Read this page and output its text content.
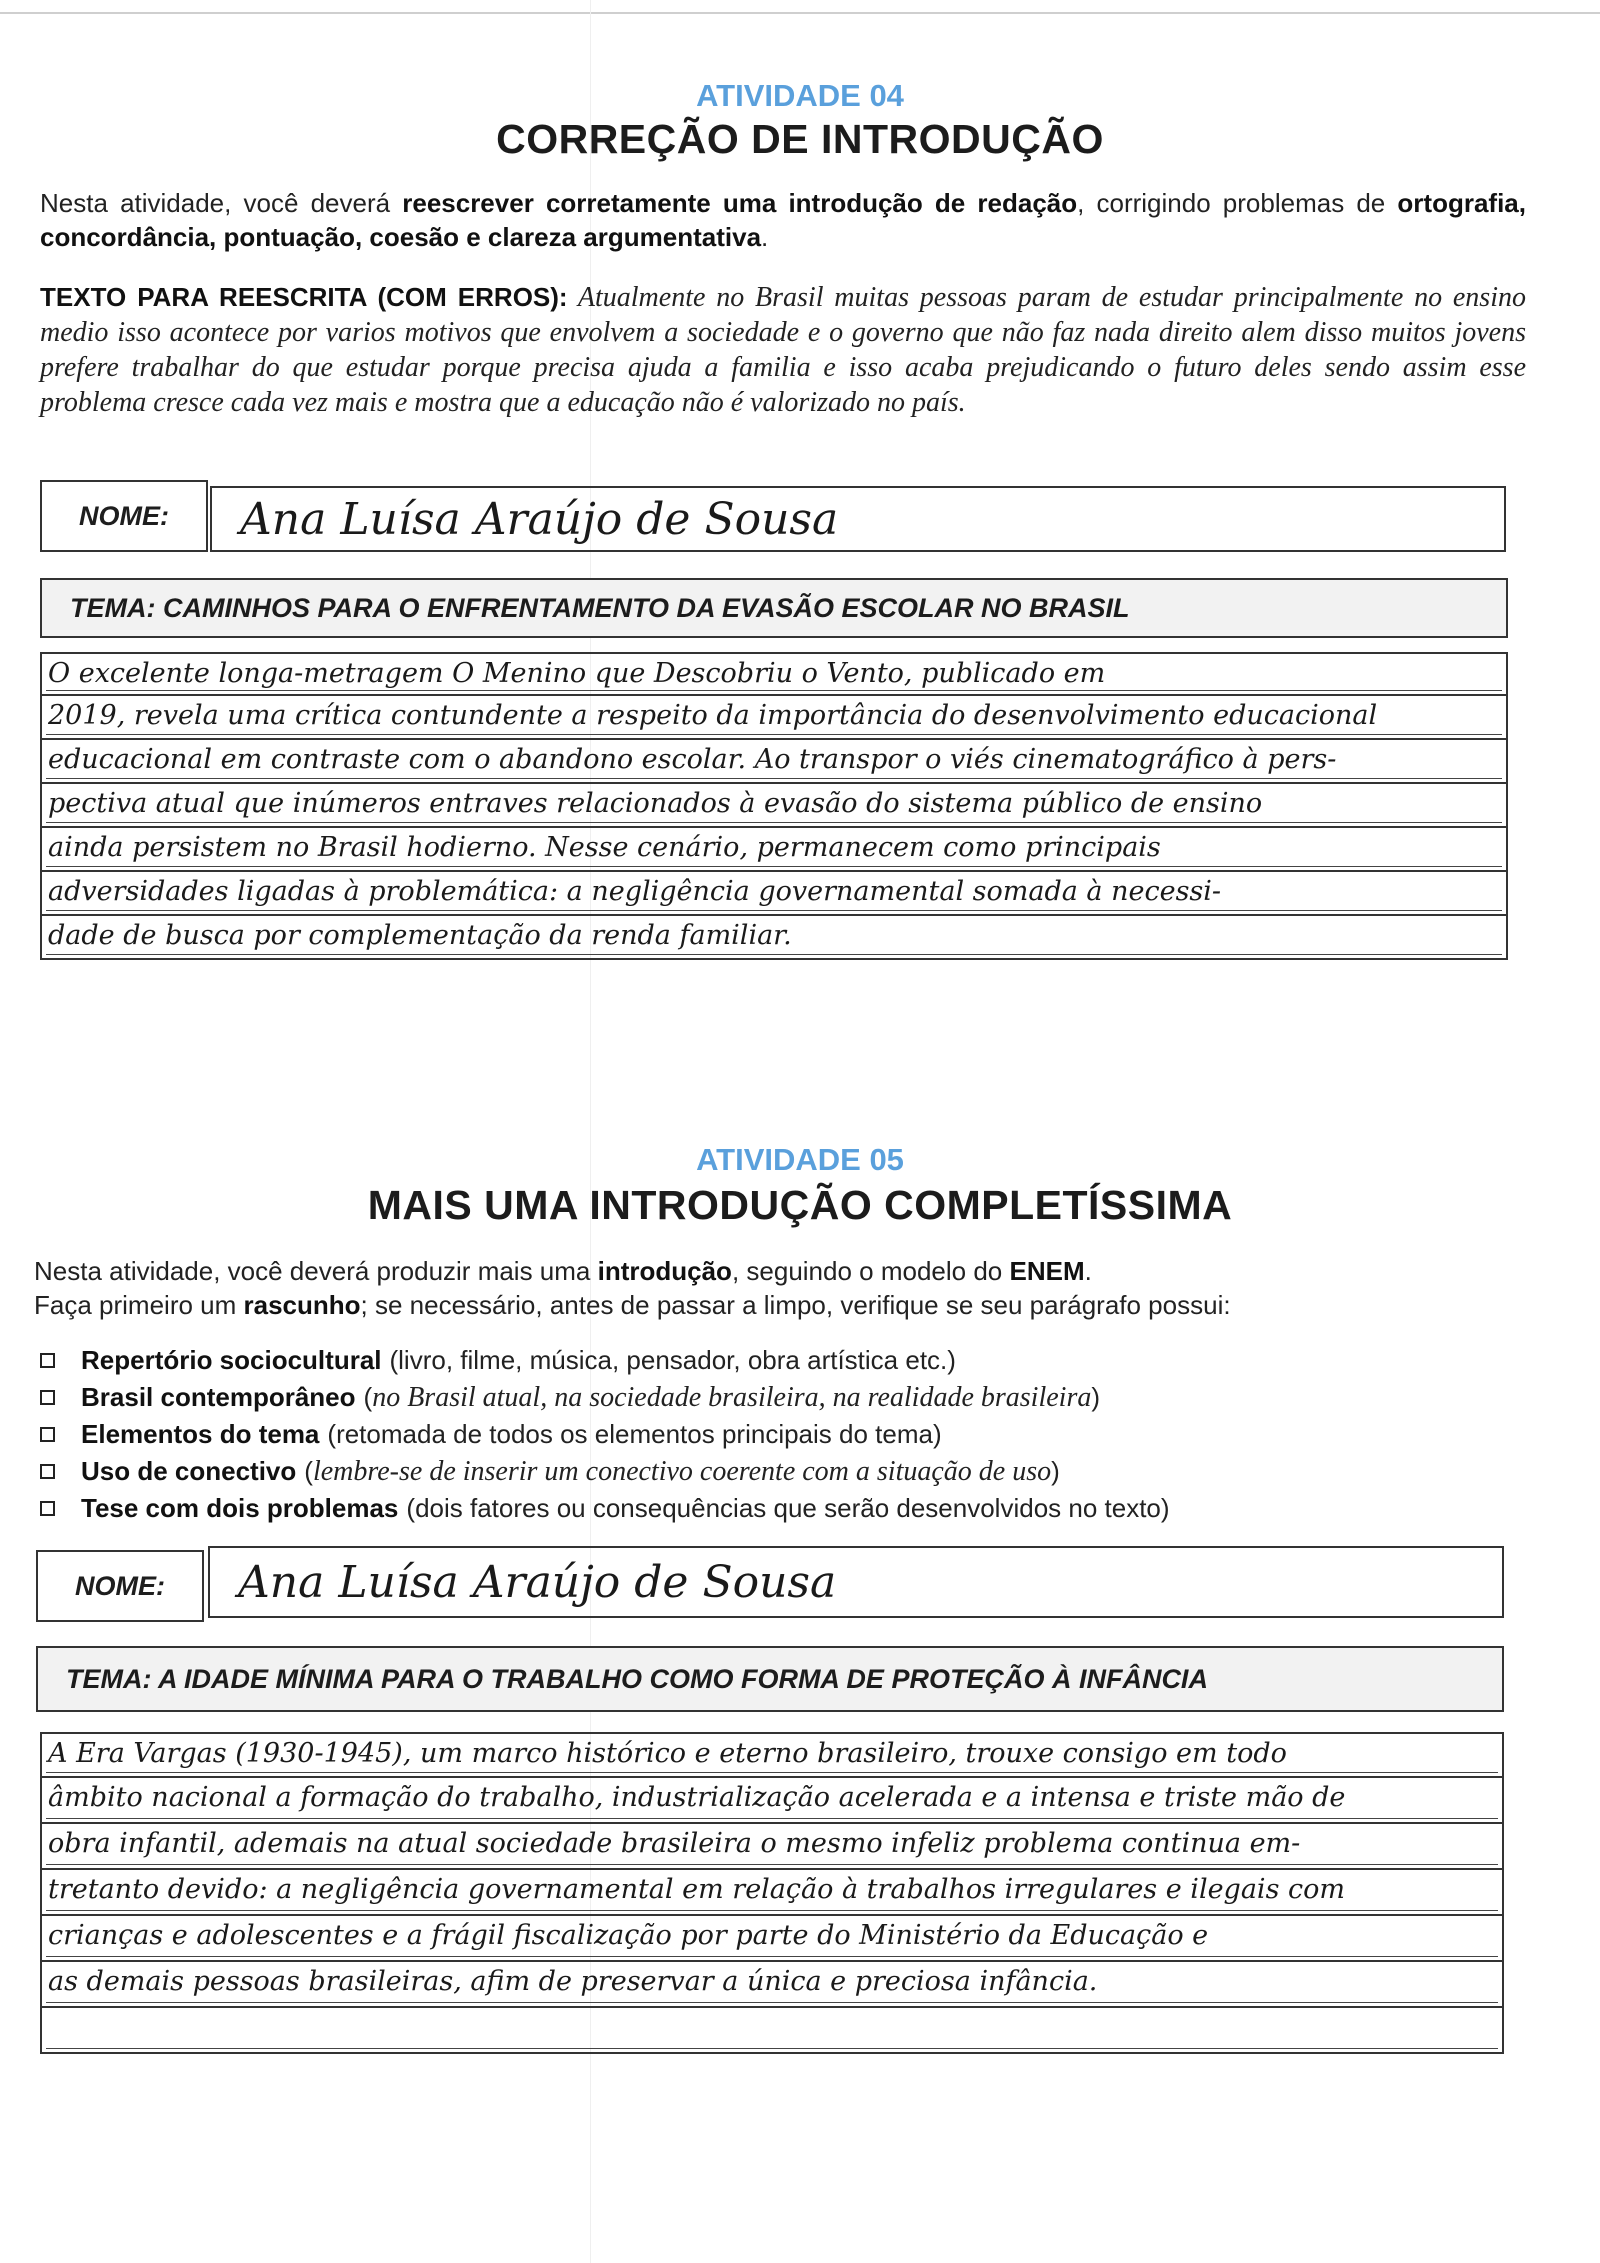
ATIVIDADE 04
CORREÇÃO DE INTRODUÇÃO
Nesta atividade, você deverá reescrever corretamente uma introdução de redação, corrigindo problemas de ortografia, concordância, pontuação, coesão e clareza argumentativa.
TEXTO PARA REESCRITA (COM ERROS): Atualmente no Brasil muitas pessoas param de estudar principalmente no ensino medio isso acontece por varios motivos que envolvem a sociedade e o governo que não faz nada direito alem disso muitos jovens prefere trabalhar do que estudar porque precisa ajuda a familia e isso acaba prejudicando o futuro deles sendo assim esse problema cresce cada vez mais e mostra que a educação não é valorizado no país.
NOME:	Ana Luísa Araújo de Sousa
TEMA: CAMINHOS PARA O ENFRENTAMENTO DA EVASÃO ESCOLAR NO BRASIL
O excelente longa-metragem O Menino que Descobriu o Vento, publicado em
2019, revela uma crítica contundente a respeito da importância do desenvolvimento educacional
educacional em contraste com o abandono escolar. Ao transpor o viés cinematográfico à pers-
pectiva atual que inúmeros entraves relacionados à evasão do sistema público de ensino
ainda persistem no Brasil hodierno. Nesse cenário, permanecem como principais
adversidades ligadas à problemática: a negligência governamental somada à necessi-
dade de busca por complementação da renda familiar.
ATIVIDADE 05
MAIS UMA INTRODUÇÃO COMPLETÍSSIMA
Nesta atividade, você deverá produzir mais uma introdução, seguindo o modelo do ENEM.
Faça primeiro um rascunho; se necessário, antes de passar a limpo, verifique se seu parágrafo possui:
Repertório sociocultural (livro, filme, música, pensador, obra artística etc.)
Brasil contemporâneo ( no Brasil atual, na sociedade brasileira, na realidade brasileira )
Elementos do tema (retomada de todos os elementos principais do tema)
Uso de conectivo ( lembre-se de inserir um conectivo coerente com a situação de uso )
Tese com dois problemas (dois fatores ou consequências que serão desenvolvidos no texto)
NOME:	Ana Luísa Araújo de Sousa
TEMA: A IDADE MÍNIMA PARA O TRABALHO COMO FORMA DE PROTEÇÃO À INFÂNCIA
A Era Vargas (1930-1945), um marco histórico e eterno brasileiro, trouxe consigo em todo
âmbito nacional a formação do trabalho, industrialização acelerada e a intensa e triste mão de
obra infantil, ademais na atual sociedade brasileira o mesmo infeliz problema continua em-
tretanto devido: a negligência governamental em relação à trabalhos irregulares e ilegais com
crianças e adolescentes e a frágil fiscalização por parte do Ministério da Educação e
as demais pessoas brasileiras, afim de preservar a única e preciosa infância.
